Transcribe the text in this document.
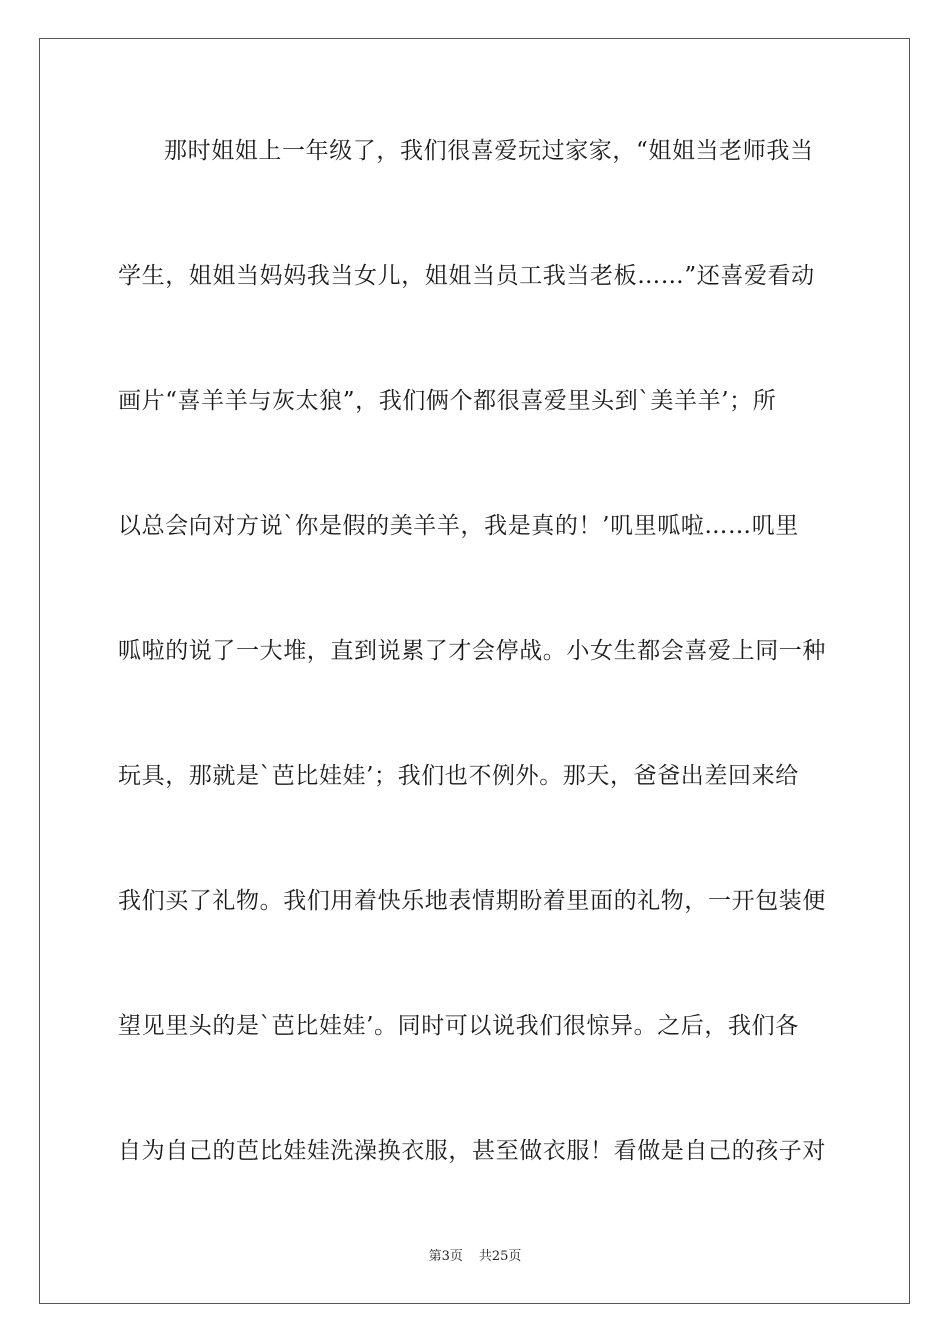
那时姐姐上一年级了，我们很喜爱玩过家家，“姐姐当老师我当
学生，姐姐当妈妈我当女儿，姐姐当员工我当老板……”还喜爱看动
画片“喜羊羊与灰太狼”，我们俩个都很喜爱里头到`美羊羊’；所
以总会向对方说`你是假的美羊羊，我是真的！’叽里呱啦……叽里
呱啦的说了一大堆，直到说累了才会停战。小女生都会喜爱上同一种
玩具，那就是`芭比娃娃’；我们也不例外。那天，爸爸出差回来给
我们买了礼物。我们用着快乐地表情期盼着里面的礼物，一开包装便
望见里头的是`芭比娃娃’。同时可以说我们很惊异。之后，我们各
自为自己的芭比娃娃洗澡换衣服，甚至做衣服！看做是自己的孩子对
第3页 共25页
